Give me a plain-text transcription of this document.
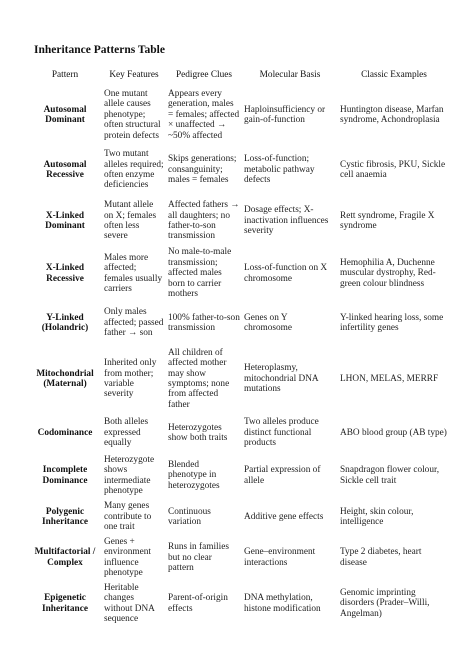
Inheritance Patterns Table
Pattern	Key Features	Pedigree Clues	Molecular Basis	Classic Examples
Autosomal Dominant	One mutant allele causes phenotype; often structural protein defects	Appears every generation, males = females; affected × unaffected → ~50% affected	Haploinsufficiency or gain-of-function	Huntington disease, Marfan syndrome, Achondroplasia
Autosomal Recessive	Two mutant alleles required; often enzyme deficiencies	Skips generations; consanguinity; males = females	Loss-of-function; metabolic pathway defects	Cystic fibrosis, PKU, Sickle cell anaemia
X-Linked Dominant	Mutant allele on X; females often less severe	Affected fathers → all daughters; no father-to-son transmission	Dosage effects; X-inactivation influences severity	Rett syndrome, Fragile X syndrome
X-Linked Recessive	Males more affected; females usually carriers	No male-to-male transmission; affected males born to carrier mothers	Loss-of-function on X chromosome	Hemophilia A, Duchenne muscular dystrophy, Red-green colour blindness
Y-Linked (Holandric)	Only males affected; passed father → son	100% father-to-son transmission	Genes on Y chromosome	Y-linked hearing loss, some infertility genes
Mitochondrial (Maternal)	Inherited only from mother; variable severity	All children of affected mother may show symptoms; none from affected father	Heteroplasmy, mitochondrial DNA mutations	LHON, MELAS, MERRF
Codominance	Both alleles expressed equally	Heterozygotes show both traits	Two alleles produce distinct functional products	ABO blood group (AB type)
Incomplete Dominance	Heterozygote shows intermediate phenotype	Blended phenotype in heterozygotes	Partial expression of allele	Snapdragon flower colour, Sickle cell trait
Polygenic Inheritance	Many genes contribute to one trait	Continuous variation	Additive gene effects	Height, skin colour, intelligence
Multifactorial / Complex	Genes + environment influence phenotype	Runs in families but no clear pattern	Gene–environment interactions	Type 2 diabetes, heart disease
Epigenetic Inheritance	Heritable changes without DNA sequence	Parent-of-origin effects	DNA methylation, histone modification	Genomic imprinting disorders (Prader–Willi, Angelman)
